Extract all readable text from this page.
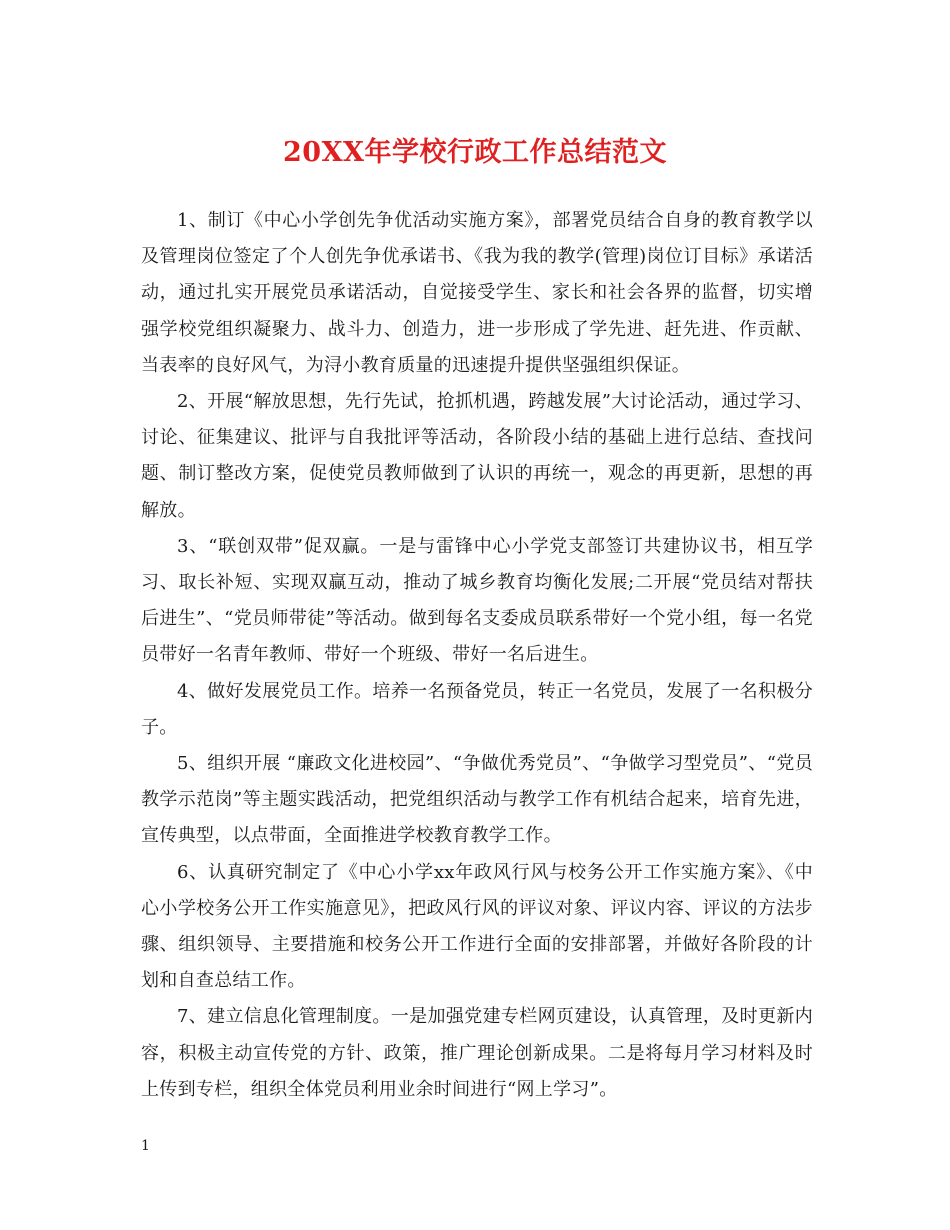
20XX年学校行政工作总结范文

1、制订《中心小学创先争优活动实施方案》，部署党员结合自身的教育教学以及管理岗位签定了个人创先争优承诺书、《我为我的教学(管理)岗位订目标》承诺活动，通过扎实开展党员承诺活动，自觉接受学生、家长和社会各界的监督，切实增强学校党组织凝聚力、战斗力、创造力，进一步形成了学先进、赶先进、作贡献、当表率的良好风气，为浔小教育质量的迅速提升提供坚强组织保证。

2、开展“解放思想，先行先试，抢抓机遇，跨越发展”大讨论活动，通过学习、讨论、征集建议、批评与自我批评等活动，各阶段小结的基础上进行总结、查找问题、制订整改方案，促使党员教师做到了认识的再统一，观念的再更新，思想的再解放。

3、“联创双带”促双赢。一是与雷锋中心小学党支部签订共建协议书，相互学习、取长补短、实现双赢互动，推动了城乡教育均衡化发展;二开展“党员结对帮扶后进生”、“党员师带徒”等活动。做到每名支委成员联系带好一个党小组，每一名党员带好一名青年教师、带好一个班级、带好一名后进生。

4、做好发展党员工作。培养一名预备党员，转正一名党员，发展了一名积极分子。

5、组织开展 “廉政文化进校园”、“争做优秀党员”、“争做学习型党员”、“党员教学示范岗”等主题实践活动，把党组织活动与教学工作有机结合起来，培育先进，宣传典型，以点带面，全面推进学校教育教学工作。

6、认真研究制定了《中心小学xx年政风行风与校务公开工作实施方案》、《中心小学校务公开工作实施意见》，把政风行风的评议对象、评议内容、评议的方法步骤、组织领导、主要措施和校务公开工作进行全面的安排部署，并做好各阶段的计划和自查总结工作。

7、建立信息化管理制度。一是加强党建专栏网页建设，认真管理，及时更新内容，积极主动宣传党的方针、政策，推广理论创新成果。二是将每月学习材料及时上传到专栏，组织全体党员利用业余时间进行“网上学习”。

1
